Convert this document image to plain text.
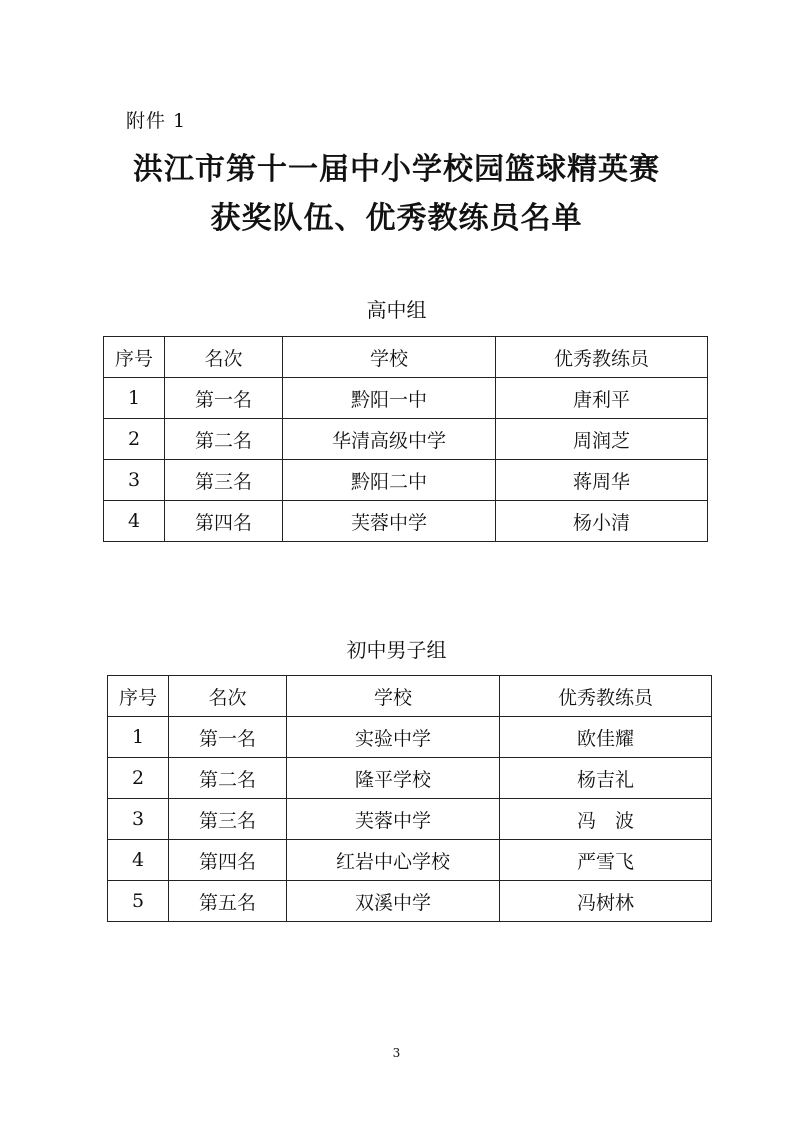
附件 1
洪江市第十一届中小学校园篮球精英赛
获奖队伍、优秀教练员名单
高中组
序号	名次	学校	优秀教练员
1	第一名	黔阳一中	唐利平
2	第二名	华清高级中学	周润芝
3	第三名	黔阳二中	蒋周华
4	第四名	芙蓉中学	杨小清
初中男子组
序号	名次	学校	优秀教练员
1	第一名	实验中学	欧佳耀
2	第二名	隆平学校	杨吉礼
3	第三名	芙蓉中学	冯　波
4	第四名	红岩中心学校	严雪飞
5	第五名	双溪中学	冯树林
3
